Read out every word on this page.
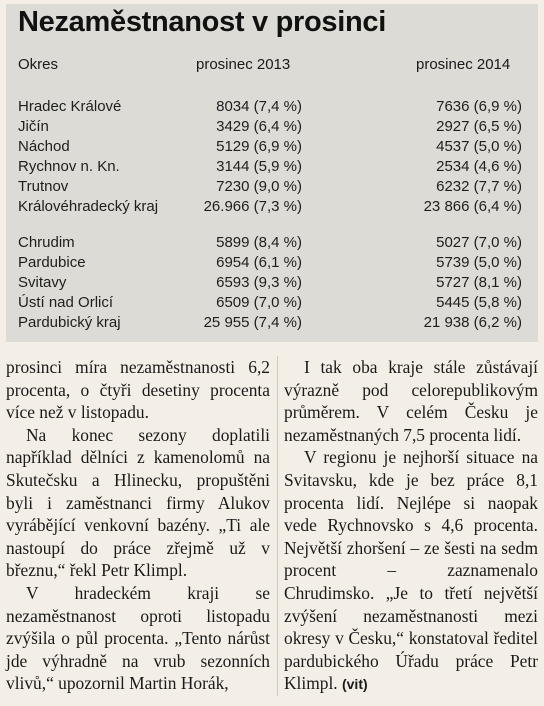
Nezaměstnanost v prosinci
Okres	prosinec 2013	prosinec 2014
Hradec Králové	8034 (7,4 %)	7636 (6,9 %)
Jičín	3429 (6,4 %)	2927 (6,5 %)
Náchod	5129 (6,9 %)	4537 (5,0 %)
Rychnov n. Kn.	3144 (5,9 %)	2534 (4,6 %)
Trutnov	7230 (9,0 %)	6232 (7,7 %)
Královéhradecký kraj	26.966 (7,3 %)	23 866 (6,4 %)
Chrudim	5899 (8,4 %)	5027 (7,0 %)
Pardubice	6954 (6,1 %)	5739 (5,0 %)
Svitavy	6593 (9,3 %)	5727 (8,1 %)
Ústí nad Orlicí	6509 (7,0 %)	5445 (5,8 %)
Pardubický kraj	25 955 (7,4 %)	21 938 (6,2 %)

prosinci míra nezaměstnanosti 6,2 procenta, o čtyři desetiny procenta více než v listopadu.

Na konec sezony doplatili například dělníci z kamenolomů na Skutečsku a Hlinecku, propuštěni byli i zaměstnanci firmy Alukov vyrábějící venkovní bazény. „Ti ale nastoupí do práce zřejmě už v březnu,“ řekl Petr Klimpl.

V hradeckém kraji se nezaměstnanost oproti listopadu zvýšila o půl procenta. „Tento nárůst jde výhradně na vrub sezonních vlivů,“ upozornil Martin Horák,

I tak oba kraje stále zůstávají výrazně pod celorepublikovým průměrem. V celém Česku je nezaměstnaných 7,5 procenta lidí.

V regionu je nejhorší situace na Svitavsku, kde je bez práce 8,1 procenta lidí. Nejlépe si naopak vede Rychnovsko s 4,6 procenta. Největší zhoršení – ze šesti na sedm procent – zaznamenalo Chrudimsko. „Je to třetí největší zvýšení nezaměstnanosti mezi okresy v Česku,“ konstatoval ředitel pardubického Úřadu práce Petr Klimpl. (vit)
